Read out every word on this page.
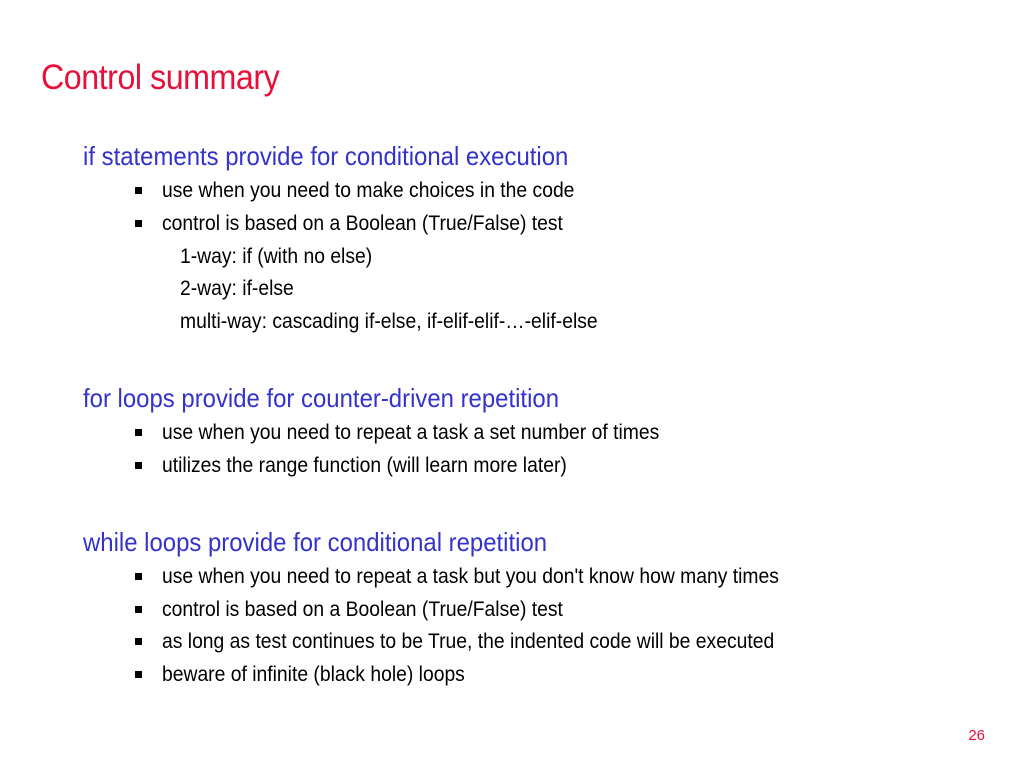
Control summary
if statements provide for conditional execution
use when you need to make choices in the code
control is based on a Boolean (True/False) test
1-way: if (with no else)
2-way: if-else
multi-way: cascading if-else, if-elif-elif-…-elif-else
for loops provide for counter-driven repetition
use when you need to repeat a task a set number of times
utilizes the range function (will learn more later)
while loops provide for conditional repetition
use when you need to repeat a task but you don't know how many times
control is based on a Boolean (True/False) test
as long as test continues to be True, the indented code will be executed
beware of infinite (black hole) loops
26
